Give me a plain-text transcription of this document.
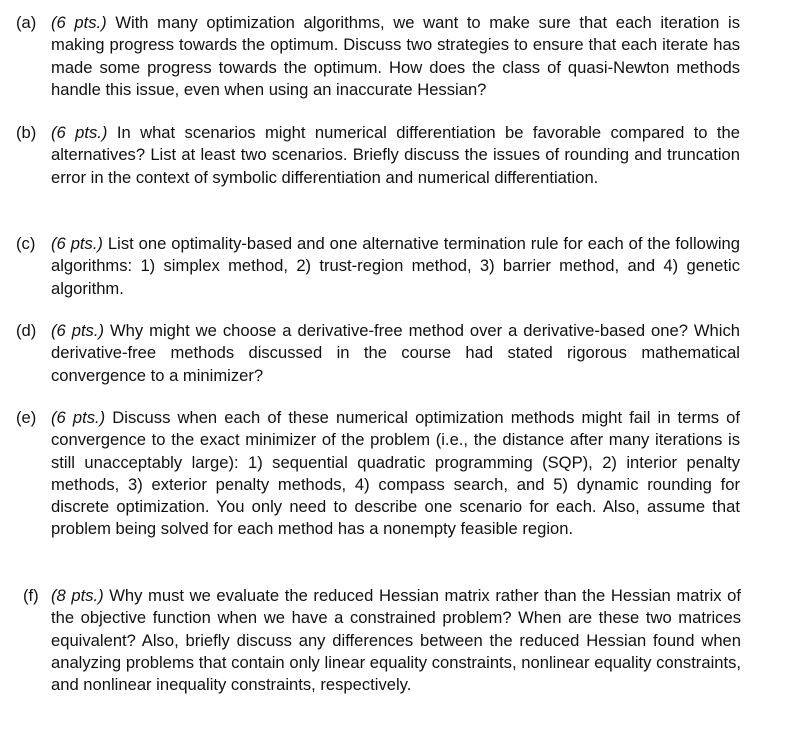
(a) (6 pts.) With many optimization algorithms, we want to make sure that each iteration is making progress towards the optimum. Discuss two strategies to ensure that each iterate has made some progress towards the optimum. How does the class of quasi-Newton methods handle this issue, even when using an inaccurate Hessian?
(b) (6 pts.) In what scenarios might numerical differentiation be favorable compared to the alternatives? List at least two scenarios. Briefly discuss the issues of rounding and truncation error in the context of symbolic differentiation and numerical differentiation.
(c) (6 pts.) List one optimality-based and one alternative termination rule for each of the following algorithms: 1) simplex method, 2) trust-region method, 3) barrier method, and 4) genetic algorithm.
(d) (6 pts.) Why might we choose a derivative-free method over a derivative-based one? Which derivative-free methods discussed in the course had stated rigorous mathematical convergence to a minimizer?
(e) (6 pts.) Discuss when each of these numerical optimization methods might fail in terms of convergence to the exact minimizer of the problem (i.e., the distance after many iterations is still unacceptably large): 1) sequential quadratic programming (SQP), 2) interior penalty methods, 3) exterior penalty methods, 4) compass search, and 5) dynamic rounding for discrete optimization. You only need to describe one scenario for each. Also, assume that problem being solved for each method has a nonempty feasible region.
(f) (8 pts.) Why must we evaluate the reduced Hessian matrix rather than the Hessian matrix of the objective function when we have a constrained problem? When are these two matrices equivalent? Also, briefly discuss any differences between the reduced Hessian found when analyzing problems that contain only linear equality constraints, nonlinear equality constraints, and nonlinear inequality constraints, respectively.
